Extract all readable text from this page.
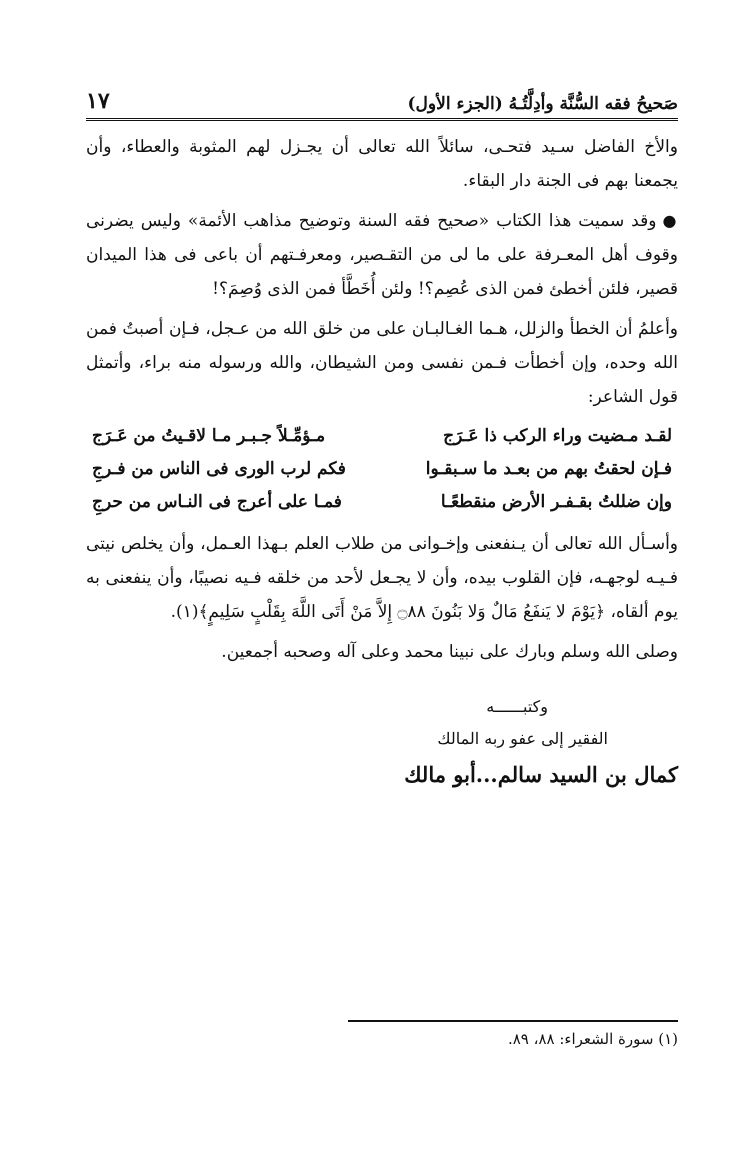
صَحيحُ فقه السُّنَّة وأدِلَّتُـهُ (الجزء الأول)
١٧

والأخ الفاضل سـيد فتحـى، سائلاً الله تعالى أن يجـزل لهم المثوبة والعطاء، وأن يجمعنا بهم فى الجنة دار البقاء.

●وقد سميت هذا الكتاب «صحيح فقه السنة وتوضيح مذاهب الأئمة» وليس يضرنى وقوف أهل المعـرفة على ما لى من التقـصير، ومعرفـتهم أن باعى فى هذا الميدان قصير، فلئن أخطئ فمن الذى عُصِم؟! ولئن أُخَطَّأ فمن الذى وُصِمَ؟!

وأعلمُ أن الخطأ والزلل، هـما الغـالبـان على من خلق الله من عـجل، فـإن أصبتُ فمن الله وحده، وإن أخطأت فـمن نفسى ومن الشيطان، والله ورسوله منه براء، وأتمثل قول الشاعر:

لقـد مـضيت وراء الركب ذا عَـرَج
مـؤمِّـلاً جـبـر مـا لاقـيتُ من عَـرَج
فـإن لحقتُ بهم من بعـد ما سـبقـوا
فكم لرب الورى فى الناس من فـرجِ
وإن ضللتُ بقـفـر الأرض منقطعًـا
فمـا على أعرج فى النـاس من حرجِ

وأسـأل الله تعالى أن يـنفعنى وإخـوانى من طلاب العلم بـهذا العـمل، وأن يخلص نيتى فـيـه لوجهـه، فإن القلوب بيده، وأن لا يجـعل لأحد من خلقه فـيه نصيبًا، وأن ينفعنى به يوم ألقاه، ﴿يَوْمَ لا يَنفَعُ مَالٌ وَلا بَنُونَ ۝٨٨ إِلاَّ مَنْ أَتَى اللَّهَ بِقَلْبٍ سَلِيمٍ﴾(١).

وصلى الله وسلم وبارك على نبينا محمد وعلى آله وصحبه أجمعين.

وكتبــــــه
الفقير إلى عفو ربه المالك
كمال بن السيد سالم...أبو مالك
(١) سورة الشعراء: ٨٨، ٨٩.
